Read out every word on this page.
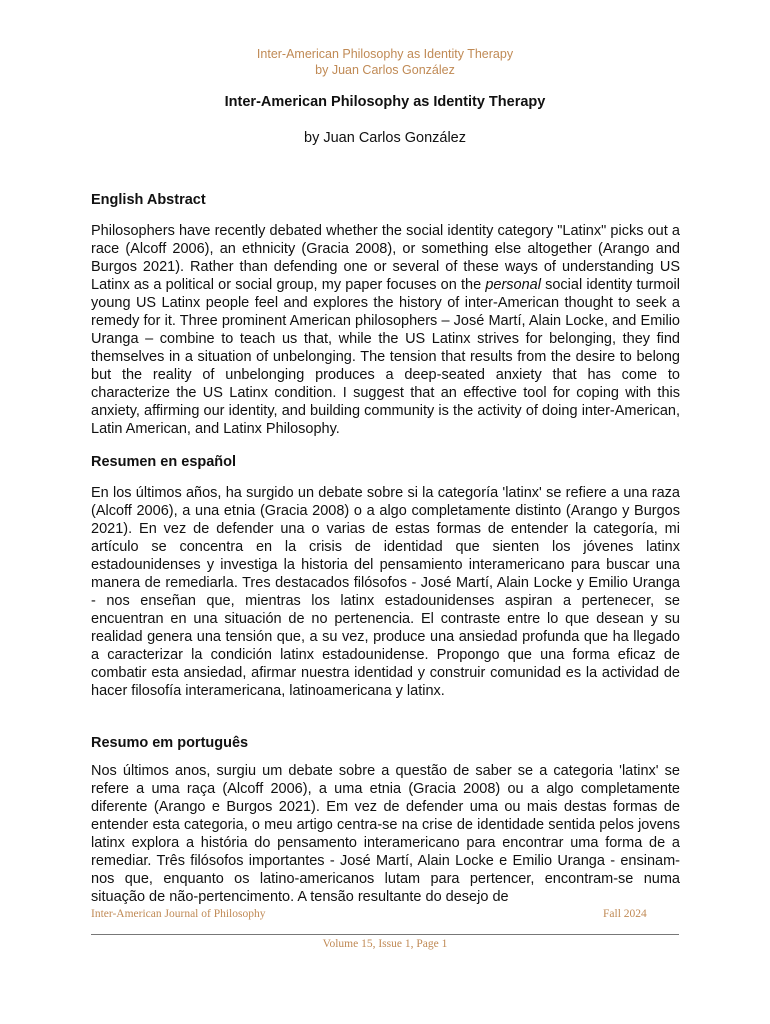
Inter-American Philosophy as Identity Therapy
by Juan Carlos González
Inter-American Philosophy as Identity Therapy
by Juan Carlos González
English Abstract

Philosophers have recently debated whether the social identity category "Latinx" picks out a race (Alcoff 2006), an ethnicity (Gracia 2008), or something else altogether (Arango and Burgos 2021). Rather than defending one or several of these ways of understanding US Latinx as a political or social group, my paper focuses on the personal social identity turmoil young US Latinx people feel and explores the history of inter-American thought to seek a remedy for it. Three prominent American philosophers – José Martí, Alain Locke, and Emilio Uranga – combine to teach us that, while the US Latinx strives for belonging, they find themselves in a situation of unbelonging. The tension that results from the desire to belong but the reality of unbelonging produces a deep-seated anxiety that has come to characterize the US Latinx condition. I suggest that an effective tool for coping with this anxiety, affirming our identity, and building community is the activity of doing inter-American, Latin American, and Latinx Philosophy.

Resumen en español

En los últimos años, ha surgido un debate sobre si la categoría 'latinx' se refiere a una raza (Alcoff 2006), a una etnia (Gracia 2008) o a algo completamente distinto (Arango y Burgos 2021). En vez de defender una o varias de estas formas de entender la categoría, mi artículo se concentra en la crisis de identidad que sienten los jóvenes latinx estadounidenses y investiga la historia del pensamiento interamericano para buscar una manera de remediarla. Tres destacados filósofos - José Martí, Alain Locke y Emilio Uranga - nos enseñan que, mientras los latinx estadounidenses aspiran a pertenecer, se encuentran en una situación de no pertenencia. El contraste entre lo que desean y su realidad genera una tensión que, a su vez, produce una ansiedad profunda que ha llegado a caracterizar la condición latinx estadounidense. Propongo que una forma eficaz de combatir esta ansiedad, afirmar nuestra identidad y construir comunidad es la actividad de hacer filosofía interamericana, latinoamericana y latinx.

Resumo em português
Nos últimos anos, surgiu um debate sobre a questão de saber se a categoria 'latinx' se refere a uma raça (Alcoff 2006), a uma etnia (Gracia 2008) ou a algo completamente diferente (Arango e Burgos 2021). Em vez de defender uma ou mais destas formas de entender esta categoria, o meu artigo centra-se na crise de identidade sentida pelos jovens latinx explora a história do pensamento interamericano para encontrar uma forma de a remediar. Três filósofos importantes - José Martí, Alain Locke e Emilio Uranga - ensinam-nos que, enquanto os latino-americanos lutam para pertencer, encontram-se numa situação de não-pertencimento. A tensão resultante do desejo de
Inter-American Journal of Philosophy	Fall 2024
Volume 15, Issue 1, Page 1
